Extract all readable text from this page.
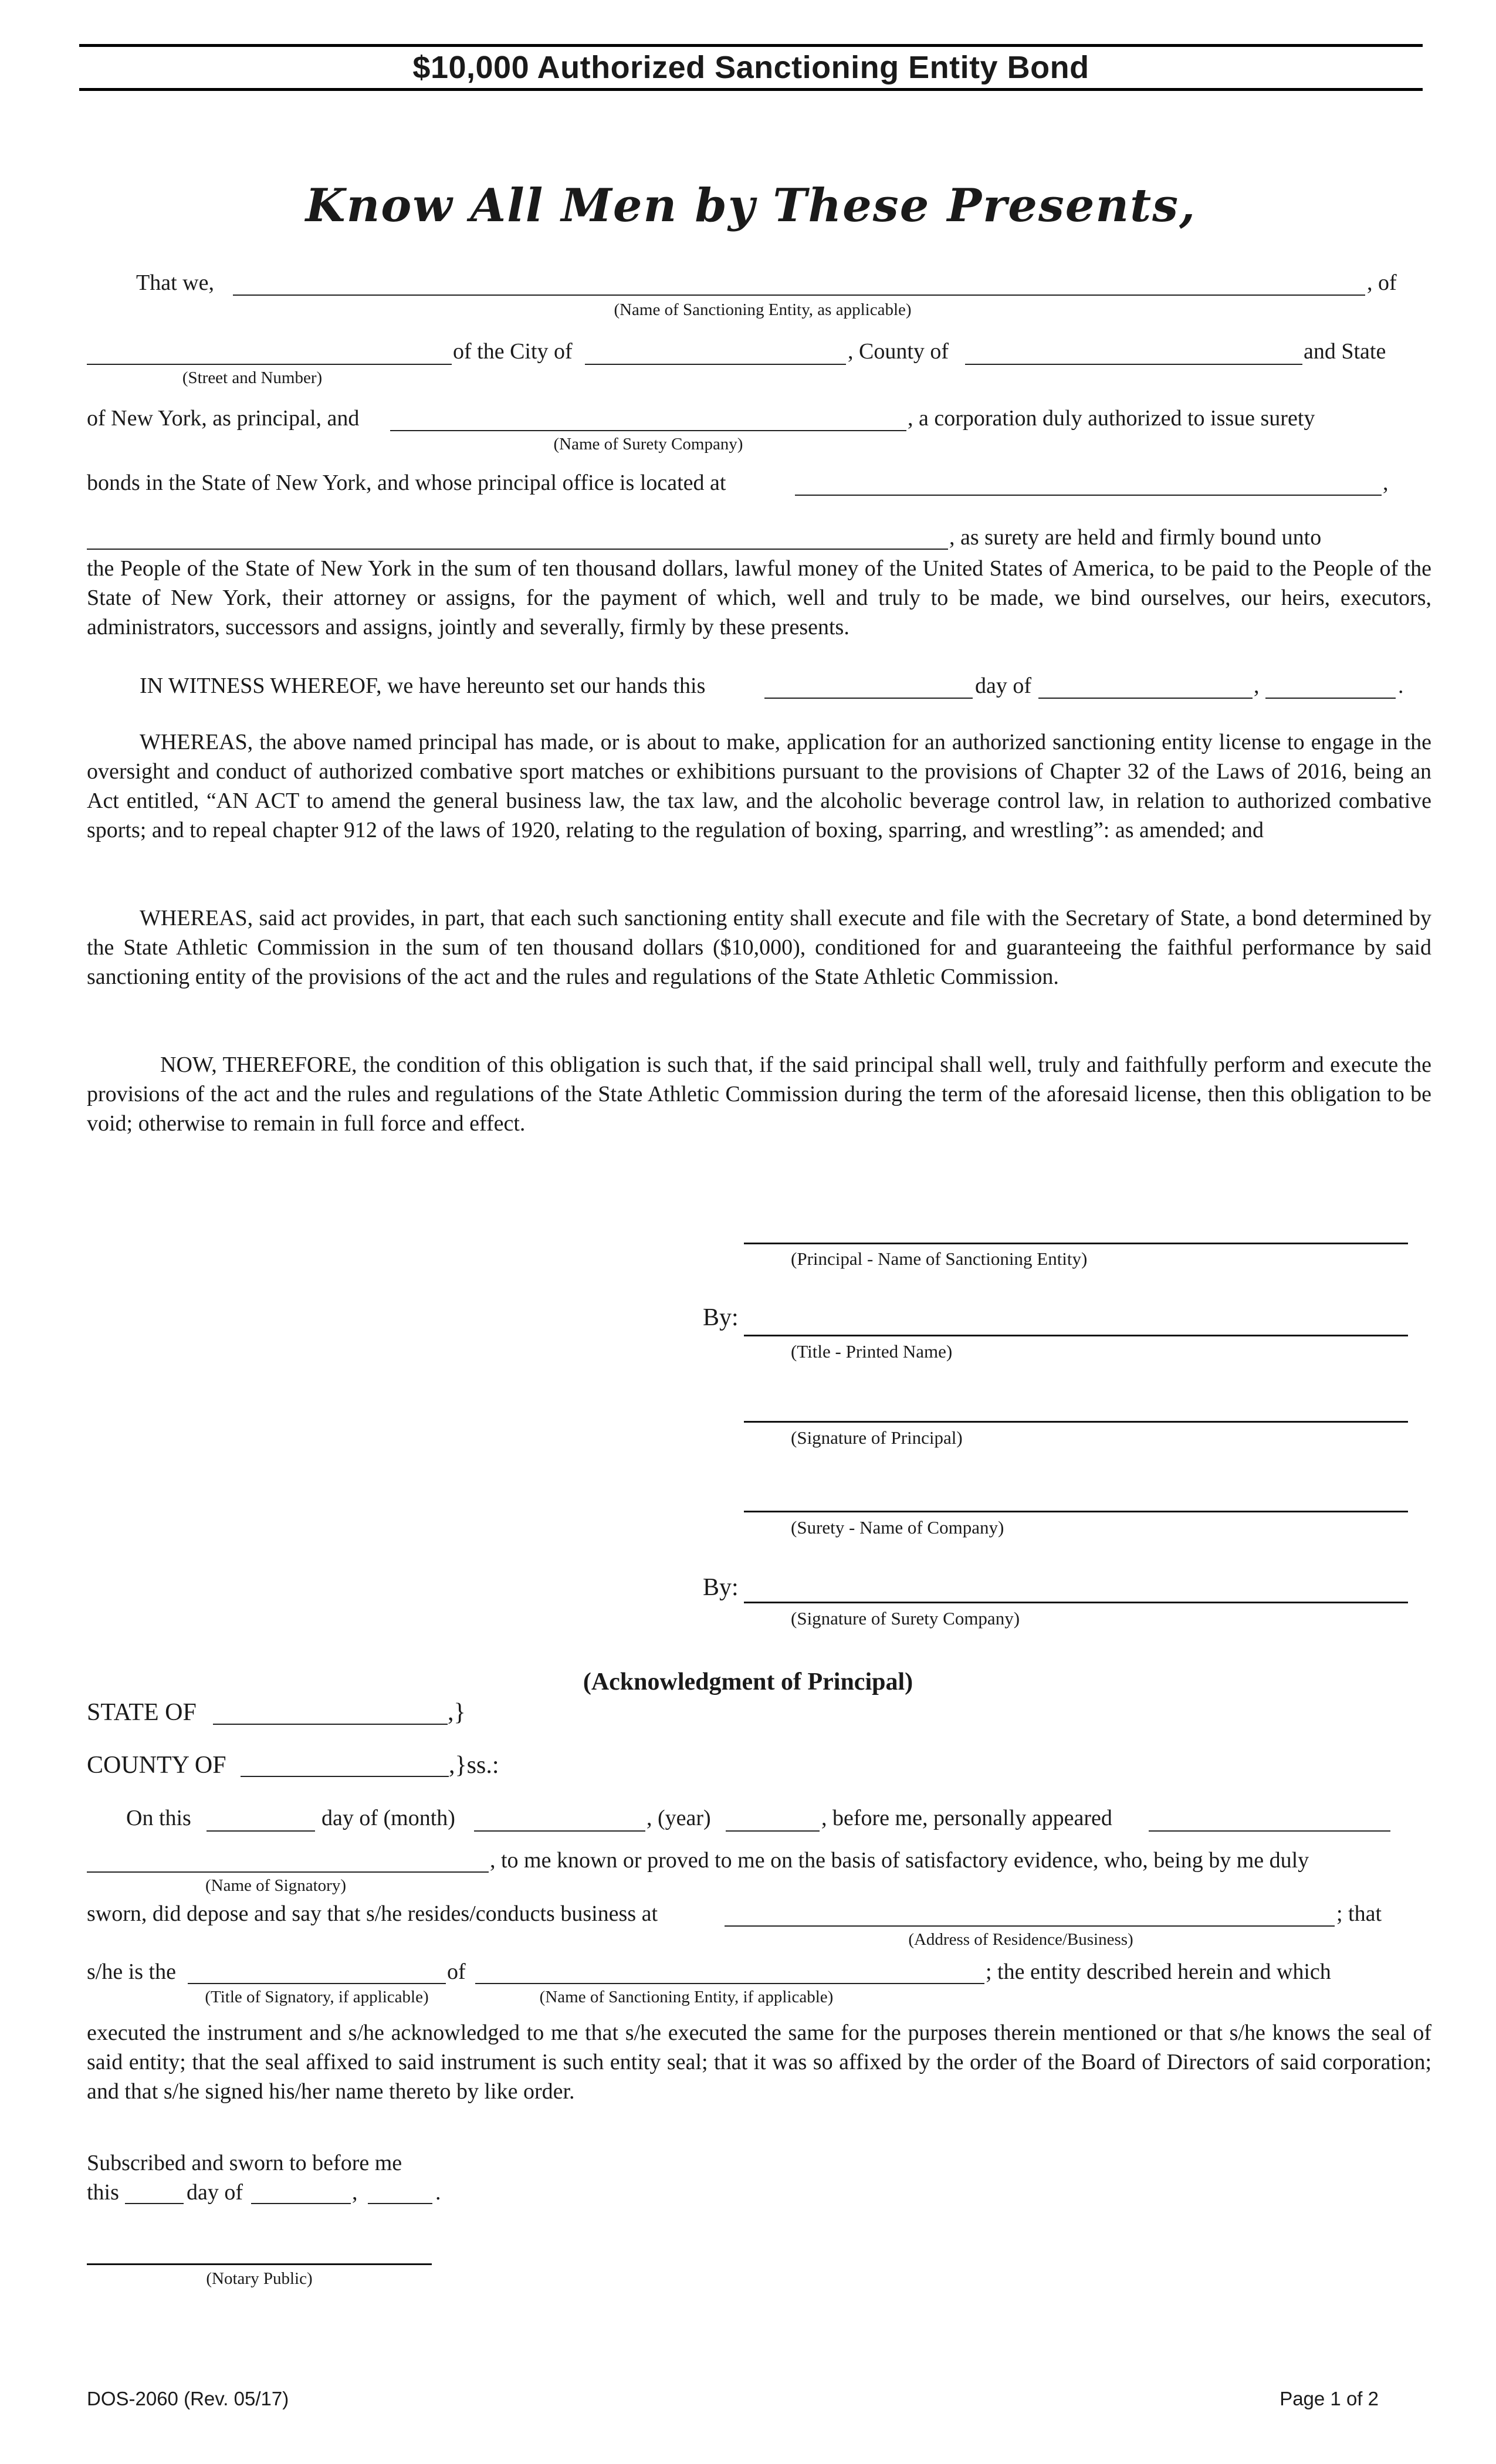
$10,000 Authorized Sanctioning Entity Bond
Know All Men by These Presents,
That we,	, of
(Name of Sanctioning Entity, as applicable)
of the City of	, County of	and State
(Street and Number)
of New York, as principal, and	, a corporation duly authorized to issue surety
(Name of Surety Company)
bonds in the State of New York, and whose principal office is located at	,
, as surety are held and firmly bound unto
the People of the State of New York in the sum of ten thousand dollars, lawful money of the United States of America, to be paid to the People of the State of New York, their attorney or assigns, for the payment of which, well and truly to be made, we bind ourselves, our heirs, executors, administrators, successors and assigns, jointly and severally, firmly by these presents.
IN WITNESS WHEREOF, we have hereunto set our hands this	day of	,	.
WHEREAS, the above named principal has made, or is about to make, application for an authorized sanctioning entity license to engage in the oversight and conduct of authorized combative sport matches or exhibitions pursuant to the provisions of Chapter 32 of the Laws of 2016, being an Act entitled, “AN ACT to amend the general business law, the tax law, and the alcoholic beverage control law, in relation to authorized combative sports; and to repeal chapter 912 of the laws of 1920, relating to the regulation of boxing, sparring, and wrestling”: as amended; and
WHEREAS, said act provides, in part, that each such sanctioning entity shall execute and file with the Secretary of State, a bond determined by the State Athletic Commission in the sum of ten thousand dollars ($10,000), conditioned for and guaranteeing the faithful performance by said sanctioning entity of the provisions of the act and the rules and regulations of the State Athletic Commission.
NOW, THEREFORE, the condition of this obligation is such that, if the said principal shall well, truly and faithfully perform and execute the provisions of the act and the rules and regulations of the State Athletic Commission during the term of the aforesaid license, then this obligation to be void; otherwise to remain in full force and effect.
(Principal - Name of Sanctioning Entity)
By:
(Title - Printed Name)
(Signature of Principal)
(Surety - Name of Company)
By:
(Signature of Surety Company)
(Acknowledgment of Principal)
STATE OF	,}
COUNTY OF	,}ss.:
On this	day of (month)	, (year)	, before me, personally appeared
, to me known or proved to me on the basis of satisfactory evidence, who, being by me duly
(Name of Signatory)
sworn, did depose and say that s/he resides/conducts business at	; that
(Address of Residence/Business)
s/he is the	of	; the entity described herein and which
(Title of Signatory, if applicable)	(Name of Sanctioning Entity, if applicable)
executed the instrument and s/he acknowledged to me that s/he executed the same for the purposes therein mentioned or that s/he knows the seal of said entity; that the seal affixed to said instrument is such entity seal; that it was so affixed by the order of the Board of Directors of said corporation; and that s/he signed his/her name thereto by like order.
Subscribed and sworn to before me
this	day of	,	.
(Notary Public)
DOS-2060 (Rev. 05/17)	Page 1 of 2
